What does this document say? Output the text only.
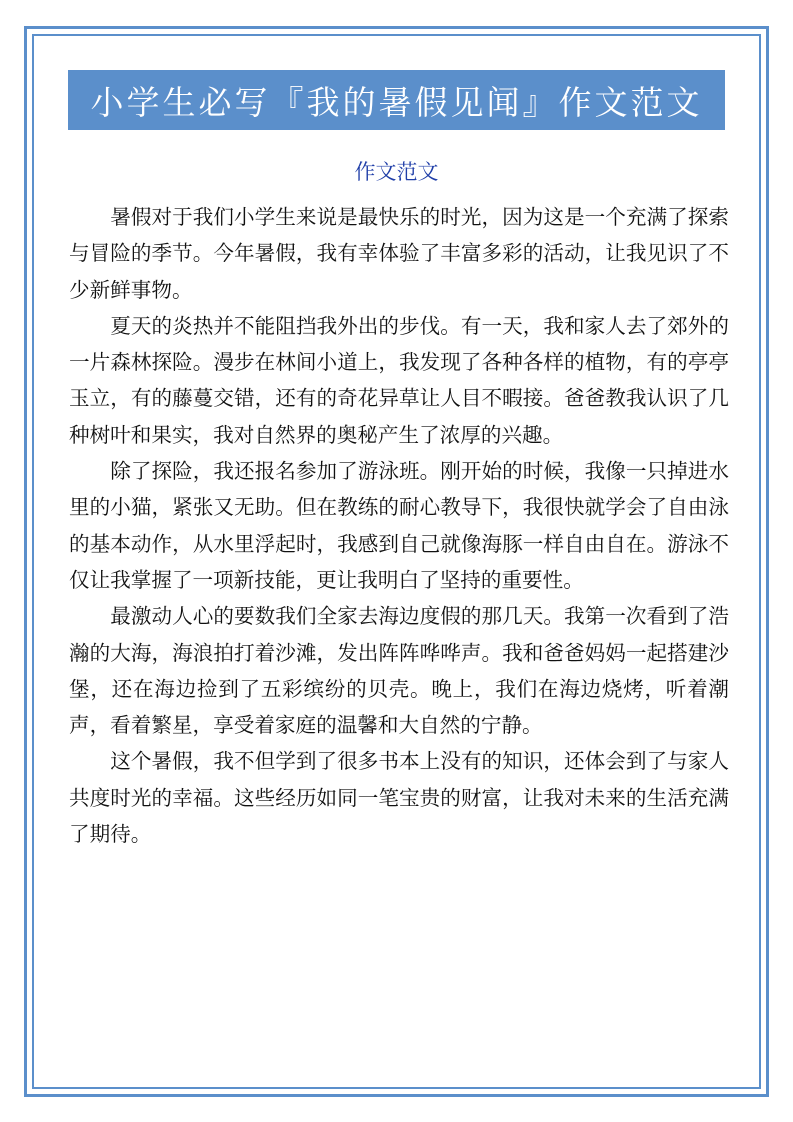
小学生必写『我的暑假见闻』作文范文
作文范文

暑假对于我们小学生来说是最快乐的时光，因为这是一个充满了探索与冒险的季节。今年暑假，我有幸体验了丰富多彩的活动，让我见识了不少新鲜事物。

夏天的炎热并不能阻挡我外出的步伐。有一天，我和家人去了郊外的一片森林探险。漫步在林间小道上，我发现了各种各样的植物，有的亭亭玉立，有的藤蔓交错，还有的奇花异草让人目不暇接。爸爸教我认识了几种树叶和果实，我对自然界的奥秘产生了浓厚的兴趣。

除了探险，我还报名参加了游泳班。刚开始的时候，我像一只掉进水里的小猫，紧张又无助。但在教练的耐心教导下，我很快就学会了自由泳的基本动作，从水里浮起时，我感到自己就像海豚一样自由自在。游泳不仅让我掌握了一项新技能，更让我明白了坚持的重要性。

最激动人心的要数我们全家去海边度假的那几天。我第一次看到了浩瀚的大海，海浪拍打着沙滩，发出阵阵哗哗声。我和爸爸妈妈一起搭建沙堡，还在海边捡到了五彩缤纷的贝壳。晚上，我们在海边烧烤，听着潮声，看着繁星，享受着家庭的温馨和大自然的宁静。

这个暑假，我不但学到了很多书本上没有的知识，还体会到了与家人共度时光的幸福。这些经历如同一笔宝贵的财富，让我对未来的生活充满了期待。
